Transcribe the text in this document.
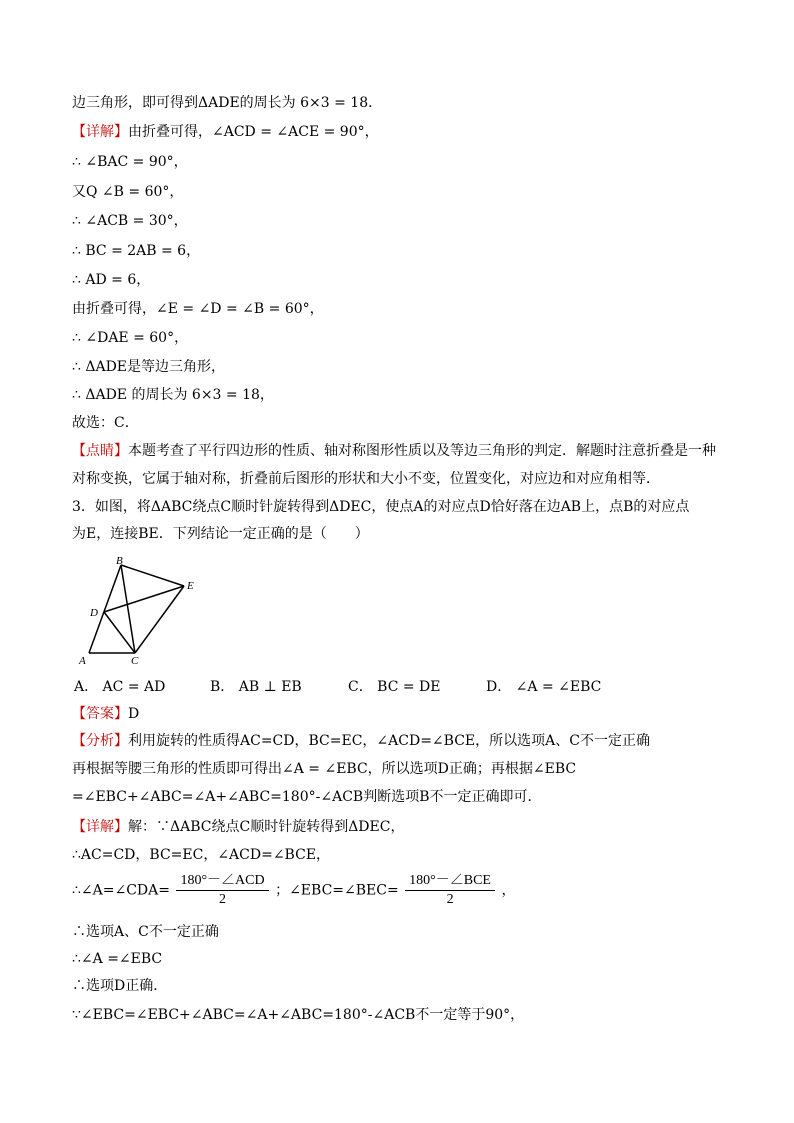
边三角形，即可得到ΔADE的周长为 6×3 = 18．
【详解】由折叠可得，∠ACD = ∠ACE = 90°，
∴ ∠BAC = 90°，
又Q ∠B = 60°，
∴ ∠ACB = 30°，
∴ BC = 2AB = 6，
∴ AD = 6，
由折叠可得，∠E = ∠D = ∠B = 60°，
∴ ∠DAE = 60°，
∴ ΔADE是等边三角形，
∴ ΔADE 的周长为 6×3 = 18，
故选：C．
【点睛】本题考查了平行四边形的性质、轴对称图形性质以及等边三角形的判定．解题时注意折叠是一种
对称变换，它属于轴对称，折叠前后图形的形状和大小不变，位置变化，对应边和对应角相等．
3．如图，将ΔABC绕点C顺时针旋转得到ΔDEC，使点A的对应点D恰好落在边AB上，点B的对应点
为E，连接BE．下列结论一定正确的是（　　）
B
E
D
A	C
A． AC = AD	B． AB ⊥ EB	C． BC = DE	D． ∠A = ∠EBC
【答案】D
【分析】利用旋转的性质得AC=CD，BC=EC，∠ACD=∠BCE，所以选项A、C不一定正确
再根据等腰三角形的性质即可得出∠A = ∠EBC，所以选项D正确；再根据∠EBC
=∠EBC+∠ABC=∠A+∠ABC=180°-∠ACB判断选项B不一定正确即可．
【详解】解：∵ΔABC绕点C顺时针旋转得到ΔDEC，
∴AC=CD，BC=EC，∠ACD=∠BCE，
∴∠A=∠CDA= $\frac{\text{180°－∠ACD}}{2}$ ；∠EBC=∠BEC= $\frac{\text{180°－∠BCE}}{2}$ ，
∴选项A、C不一定正确
∴∠A =∠EBC
∴选项D正确．
∵∠EBC=∠EBC+∠ABC=∠A+∠ABC=180°-∠ACB不一定等于90°，
